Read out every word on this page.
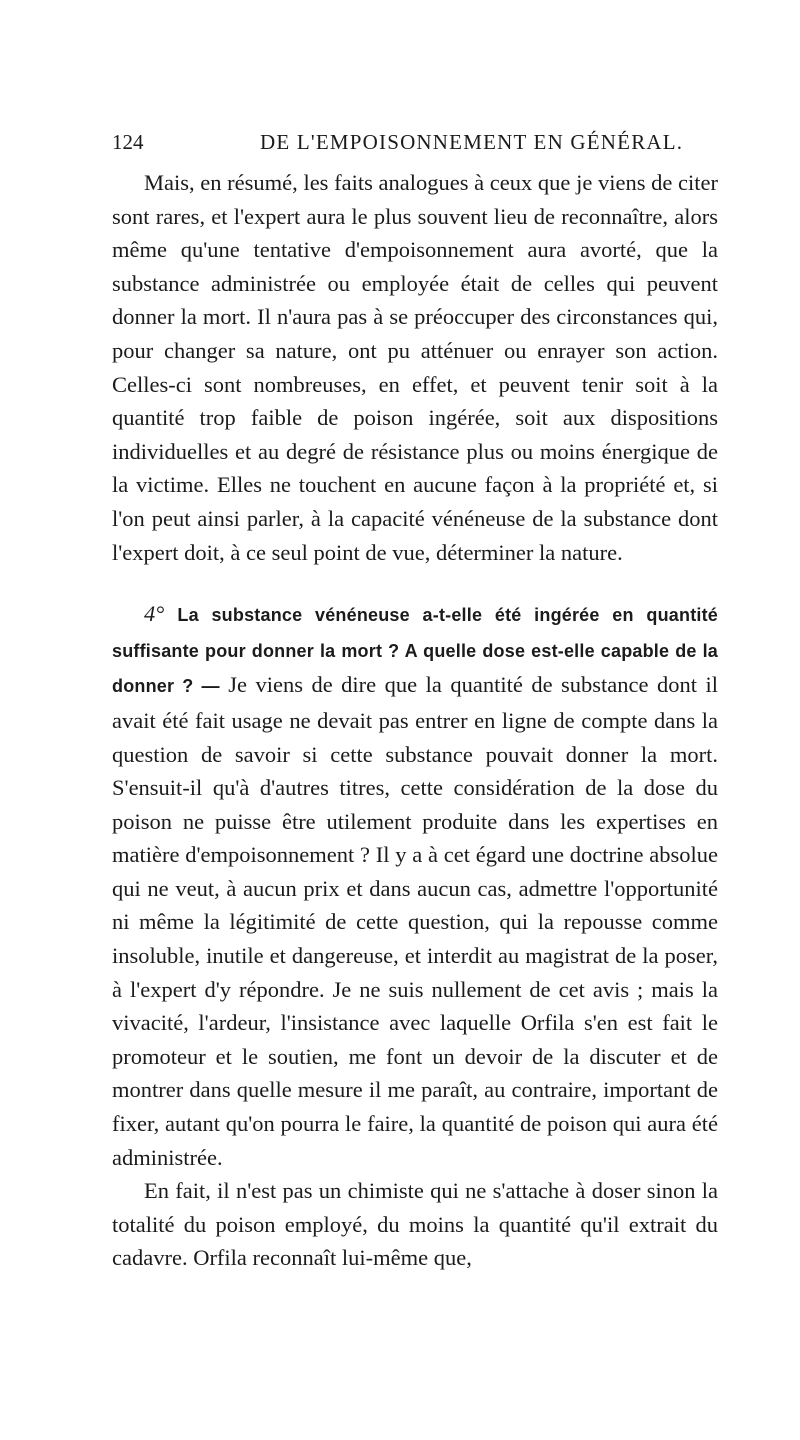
124	DE L'EMPOISONNEMENT EN GÉNÉRAL.

Mais, en résumé, les faits analogues à ceux que je viens de citer sont rares, et l'expert aura le plus souvent lieu de reconnaître, alors même qu'une tentative d'empoisonnement aura avorté, que la substance administrée ou employée était de celles qui peuvent donner la mort. Il n'aura pas à se préoccuper des circonstances qui, pour changer sa nature, ont pu atténuer ou enrayer son action. Celles-ci sont nombreuses, en effet, et peuvent tenir soit à la quantité trop faible de poison ingérée, soit aux dispositions individuelles et au degré de résistance plus ou moins énergique de la victime. Elles ne touchent en aucune façon à la propriété et, si l'on peut ainsi parler, à la capacité vénéneuse de la substance dont l'expert doit, à ce seul point de vue, déterminer la nature.

4° La substance vénéneuse a-t-elle été ingérée en quantité suffisante pour donner la mort ? A quelle dose est-elle capable de la donner ? — Je viens de dire que la quantité de substance dont il avait été fait usage ne devait pas entrer en ligne de compte dans la question de savoir si cette substance pouvait donner la mort. S'ensuit-il qu'à d'autres titres, cette considération de la dose du poison ne puisse être utilement produite dans les expertises en matière d'empoisonnement ? Il y a à cet égard une doctrine absolue qui ne veut, à aucun prix et dans aucun cas, admettre l'opportunité ni même la légitimité de cette question, qui la repousse comme insoluble, inutile et dangereuse, et interdit au magistrat de la poser, à l'expert d'y répondre. Je ne suis nullement de cet avis ; mais la vivacité, l'ardeur, l'insistance avec laquelle Orfila s'en est fait le promoteur et le soutien, me font un devoir de la discuter et de montrer dans quelle mesure il me paraît, au contraire, important de fixer, autant qu'on pourra le faire, la quantité de poison qui aura été administrée.

En fait, il n'est pas un chimiste qui ne s'attache à doser sinon la totalité du poison employé, du moins la quantité qu'il extrait du cadavre. Orfila reconnaît lui-même que,
